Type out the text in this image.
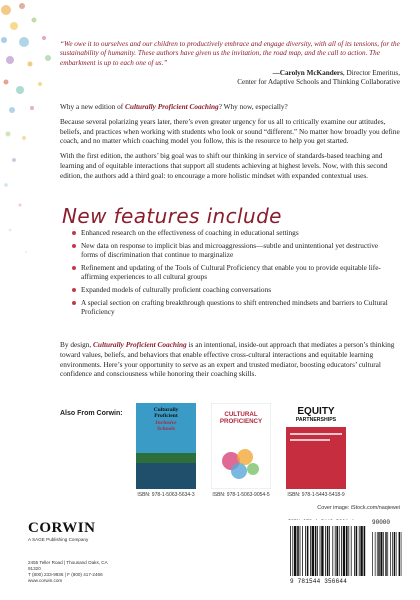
“We owe it to ourselves and our children to productively embrace and engage diversity, with all of its tensions, for the sustainability of humanity. These authors have given us the invitation, the road map, and the call to action. The embarkment is up to each one of us.”
—Carolyn McKanders, Director Emeritus,
Center for Adaptive Schools and Thinking Collaborative

Why a new edition of Culturally Proficient Coaching? Why now, especially?

Because several polarizing years later, there’s even greater urgency for us all to critically examine our attitudes, beliefs, and practices when working with students who look or sound “different.” No matter how broadly you define coach, and no matter which coaching model you follow, this is the resource to help you get started.

With the first edition, the authors’ big goal was to shift our thinking in service of standards-based teaching and learning and of equitable interactions that support all students achieving at highest levels. Now, with this second edition, the authors add a third goal: to encourage a more holistic mindset with expanded contextual uses.

New features include
Enhanced research on the effectiveness of coaching in educational settings
New data on response to implicit bias and microaggressions—subtle and unintentional yet destructive forms of discrimination that continue to marginalize
Refinement and updating of the Tools of Cultural Proficiency that enable you to provide equitable life-affirming experiences to all cultural groups
Expanded models of culturally proficient coaching conversations
A special section on crafting breakthrough questions to shift entrenched mindsets and barriers to Cultural Proficiency
By design, Culturally Proficient Coaching is an intentional, inside-out approach that mediates a person’s thinking toward values, beliefs, and behaviors that enable effective cross-cultural interactions and equitable learning environments. Here’s your opportunity to serve as an expert and trusted mediator, boosting educators’ cultural confidence and consciousness while honoring their coaching skills.
Also From Corwin:	Culturally
Proficient
Inclusive
Schools
ISBN: 978-1-5063-5634-3
CULTURAL
PROFICIENCY
ISBN: 978-1-5063-9054-5
EQUITY
PARTNERSHIPS
ISBN: 978-1-5443-5418-9
CORWIN
A SAGE Publishing Company
2455 Teller Road | Thousand Oaks, CA 91320
T (800) 233-9936 | F (800) 417-2466
www.corwin.com
Cover image: iStock.com/naqiewei
90000
9 781544 356644
